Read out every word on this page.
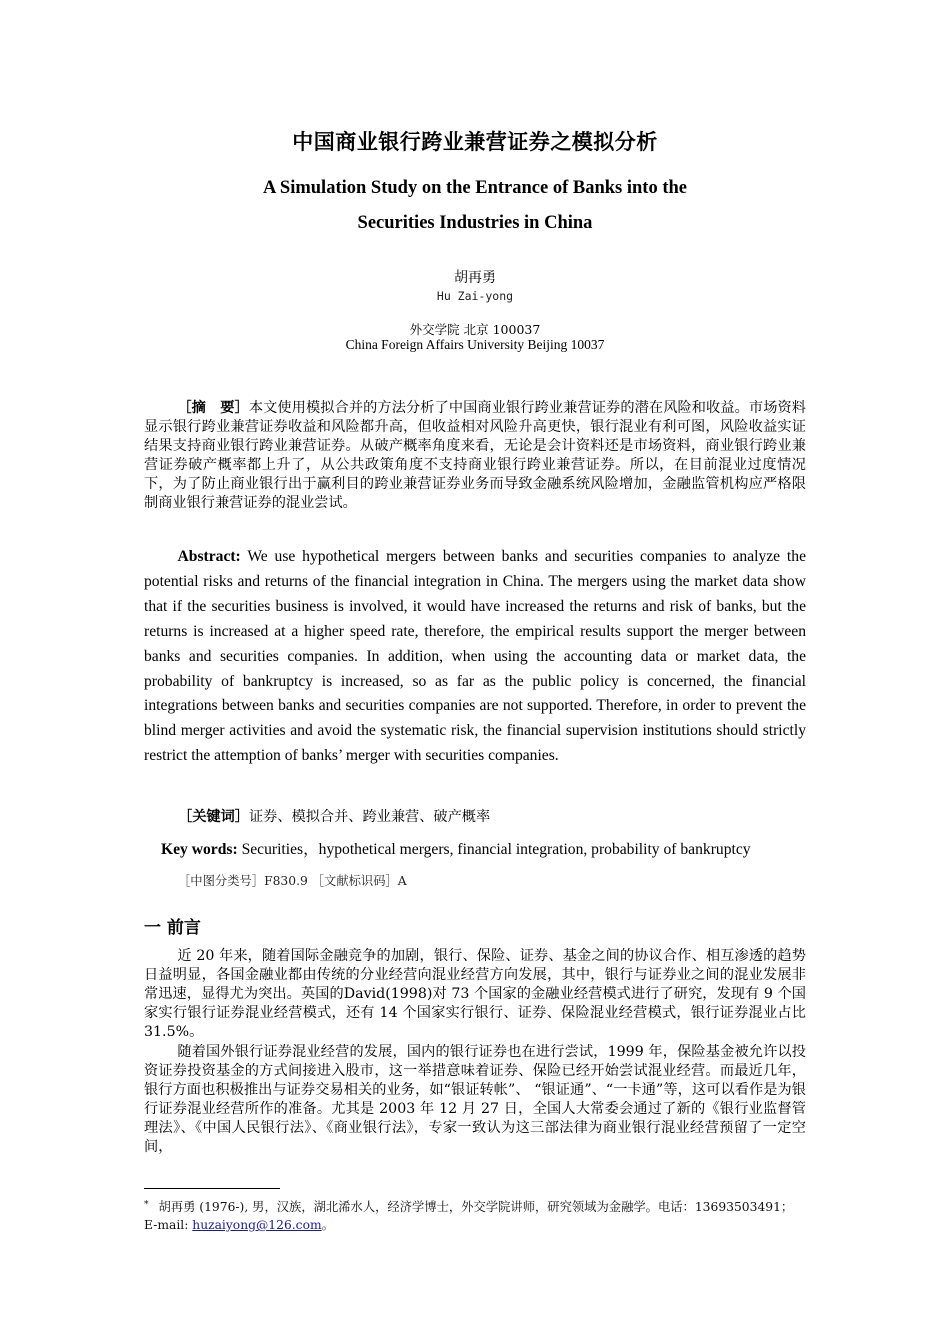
中国商业银行跨业兼营证券之模拟分析
A Simulation Study on the Entrance of Banks into the
Securities Industries in China
胡再勇
Hu Zai-yong
外交学院 北京 100037
China Foreign Affairs University Beijing 10037
［摘　要］本文使用模拟合并的方法分析了中国商业银行跨业兼营证券的潜在风险和收益。市场资料显示银行跨业兼营证券收益和风险都升高，但收益相对风险升高更快，银行混业有利可图，风险收益实证结果支持商业银行跨业兼营证券。从破产概率角度来看，无论是会计资料还是市场资料，商业银行跨业兼营证券破产概率都上升了，从公共政策角度不支持商业银行跨业兼营证券。所以，在目前混业过度情况下，为了防止商业银行出于赢利目的跨业兼营证券业务而导致金融系统风险增加，金融监管机构应严格限制商业银行兼营证券的混业尝试。
Abstract: We use hypothetical mergers between banks and securities companies to analyze the potential risks and returns of the financial integration in China. The mergers using the market data show that if the securities business is involved, it would have increased the returns and risk of banks, but the returns is increased at a higher speed rate, therefore, the empirical results support the merger between banks and securities companies. In addition, when using the accounting data or market data, the probability of bankruptcy is increased, so as far as the public policy is concerned, the financial integrations between banks and securities companies are not supported. Therefore, in order to prevent the blind merger activities and avoid the systematic risk, the financial supervision institutions should strictly restrict the attemption of banks’ merger with securities companies.
［关键词］证券、模拟合并、跨业兼营、破产概率
Key words: Securities，hypothetical mergers, financial integration, probability of bankruptcy
［中图分类号］F830.9 ［文献标识码］A
一 前言
近 20 年来，随着国际金融竞争的加剧，银行、保险、证券、基金之间的协议合作、相互渗透的趋势日益明显，各国金融业都由传统的分业经营向混业经营方向发展，其中，银行与证券业之间的混业发展非常迅速，显得尤为突出。英国的David(1998)对 73 个国家的金融业经营模式进行了研究，发现有 9 个国家实行银行证券混业经营模式，还有 14 个国家实行银行、证券、保险混业经营模式，银行证券混业占比 31.5%。
随着国外银行证券混业经营的发展，国内的银行证券也在进行尝试，1999 年，保险基金被允许以投资证券投资基金的方式间接进入股市，这一举措意味着证券、保险已经开始尝试混业经营。而最近几年，银行方面也积极推出与证券交易相关的业务，如“银证转帐”、 “银证通”、“一卡通”等，这可以看作是为银行证券混业经营所作的准备。尤其是 2003 年 12 月 27 日，全国人大常委会通过了新的《银行业监督管理法》、《中国人民银行法》、《商业银行法》，专家一致认为这三部法律为商业银行混业经营预留了一定空间，
* 胡再勇 (1976-), 男，汉族，湖北浠水人，经济学博士，外交学院讲师，研究领域为金融学。电话：13693503491；E-mail: huzaiyong@126.com。
